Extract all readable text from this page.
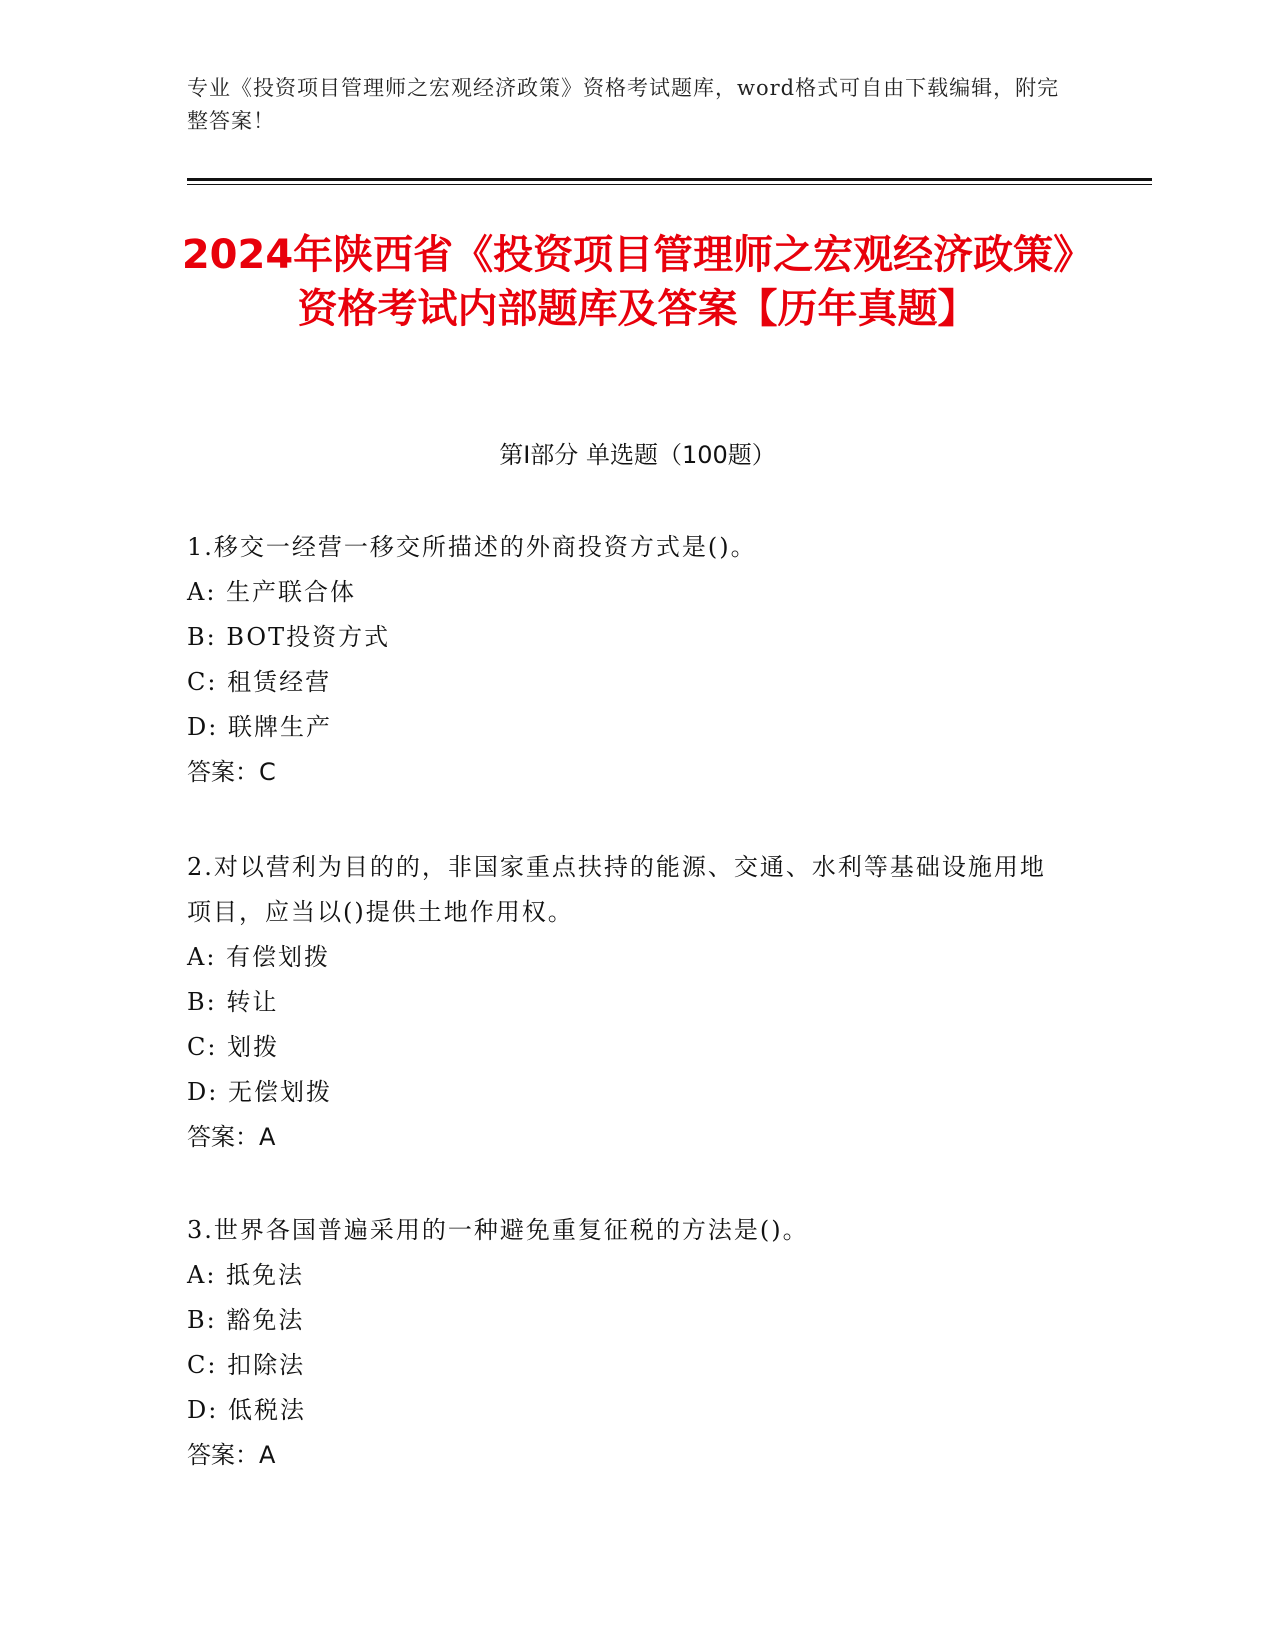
专业《投资项目管理师之宏观经济政策》资格考试题库，word格式可自由下载编辑，附完整答案！
2024年陕西省《投资项目管理师之宏观经济政策》资格考试内部题库及答案【历年真题】
第Ⅰ部分 单选题（100题）
1.移交一经营一移交所描述的外商投资方式是()。
A: 生产联合体
B: BOT投资方式
C: 租赁经营
D: 联牌生产
答案：C
2.对以营利为目的的，非国家重点扶持的能源、交通、水利等基础设施用地项目，应当以()提供土地作用权。
A: 有偿划拨
B: 转让
C: 划拨
D: 无偿划拨
答案：A
3.世界各国普遍采用的一种避免重复征税的方法是()。
A: 抵免法
B: 豁免法
C: 扣除法
D: 低税法
答案：A
